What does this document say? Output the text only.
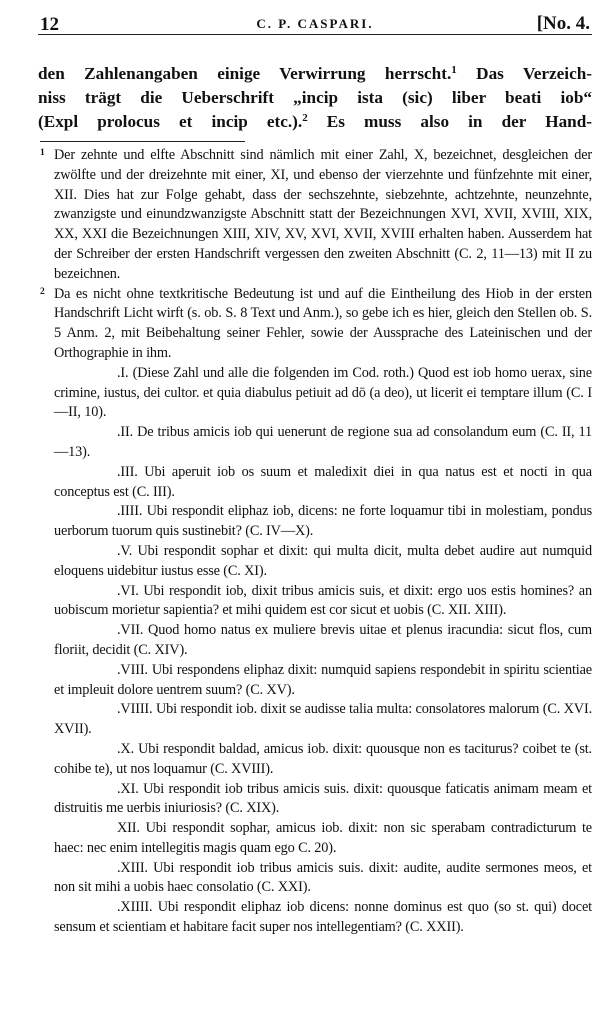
12	C. P. CASPARI.	[No. 4.
den Zahlenangaben einige Verwirrung herrscht.$^1$ Das Verzeich-
niss trägt die Ueberschrift „incip ista (sic) liber beati iob“
(Expl prolocus et incip etc.).$^2$ Es muss also in der Hand-
1 Der zehnte und elfte Abschnitt sind nämlich mit einer Zahl, X, bezeichnet, desgleichen der zwölfte und der dreizehnte mit einer, XI, und ebenso der vierzehnte und fünfzehnte mit einer, XII. Dies hat zur Folge gehabt, dass der sechszehnte, siebzehnte, achtzehnte, neunzehnte, zwanzigste und einundzwanzigste Abschnitt statt der Bezeichnungen XVI, XVII, XVIII, XIX, XX, XXI die Bezeichnungen XIII, XIV, XV, XVI, XVII, XVIII erhalten haben. Ausserdem hat der Schreiber der ersten Handschrift vergessen den zweiten Abschnitt (C. 2, 11—13) mit II zu bezeichnen.
2 Da es nicht ohne textkritische Bedeutung ist und auf die Eintheilung des Hiob in der ersten Handschrift Licht wirft (s. ob. S. 8 Text und Anm.), so gebe ich es hier, gleich den Stellen ob. S. 5 Anm. 2, mit Beibehaltung seiner Fehler, sowie der Aussprache des Lateinischen und der Orthographie in ihm.
.I. (Diese Zahl und alle die folgenden im Cod. roth.) Quod est iob homo uerax, sine crimine, iustus, dei cultor. et quia diabulus petiuit ad dō (a deo), ut licerit ei temptare illum (C. I—II, 10).
.II. De tribus amicis iob qui uenerunt de regione sua ad consolandum eum (C. II, 11—13).
.III. Ubi aperuit iob os suum et maledixit diei in qua natus est et nocti in qua conceptus est (C. III).
.IIII. Ubi respondit eliphaz iob, dicens: ne forte loquamur tibi in molestiam, pondus uerborum tuorum quis sustinebit? (C. IV—X).
.V. Ubi respondit sophar et dixit: qui multa dicit, multa debet audire aut numquid eloquens uidebitur iustus esse (C. XI).
.VI. Ubi respondit iob, dixit tribus amicis suis, et dixit: ergo uos estis homines? an uobiscum morietur sapientia? et mihi quidem est cor sicut et uobis (C. XII. XIII).
.VII. Quod homo natus ex muliere brevis uitae et plenus iracundia: sicut flos, cum floriit, decidit (C. XIV).
.VIII. Ubi respondens eliphaz dixit: numquid sapiens respondebit in spiritu scientiae et impleuit dolore uentrem suum? (C. XV).
.VIIII. Ubi respondit iob. dixit se audisse talia multa: consolatores malorum (C. XVI. XVII).
.X. Ubi respondit baldad, amicus iob. dixit: quousque non es taciturus? coibet te (st. cohibe te), ut nos loquamur (C. XVIII).
.XI. Ubi respondit iob tribus amicis suis. dixit: quousque faticatis animam meam et distruitis me uerbis iniuriosis? (C. XIX).
XII. Ubi respondit sophar, amicus iob. dixit: non sic sperabam contradicturum te haec: nec enim intellegitis magis quam ego C. 20).
.XIII. Ubi respondit iob tribus amicis suis. dixit: audite, audite sermones meos, et non sit mihi a uobis haec consolatio (C. XXI).
.XIIII. Ubi respondit eliphaz iob dicens: nonne dominus est quo (so st. qui) docet sensum et scientiam et habitare facit super nos intellegentiam? (C. XXII).
